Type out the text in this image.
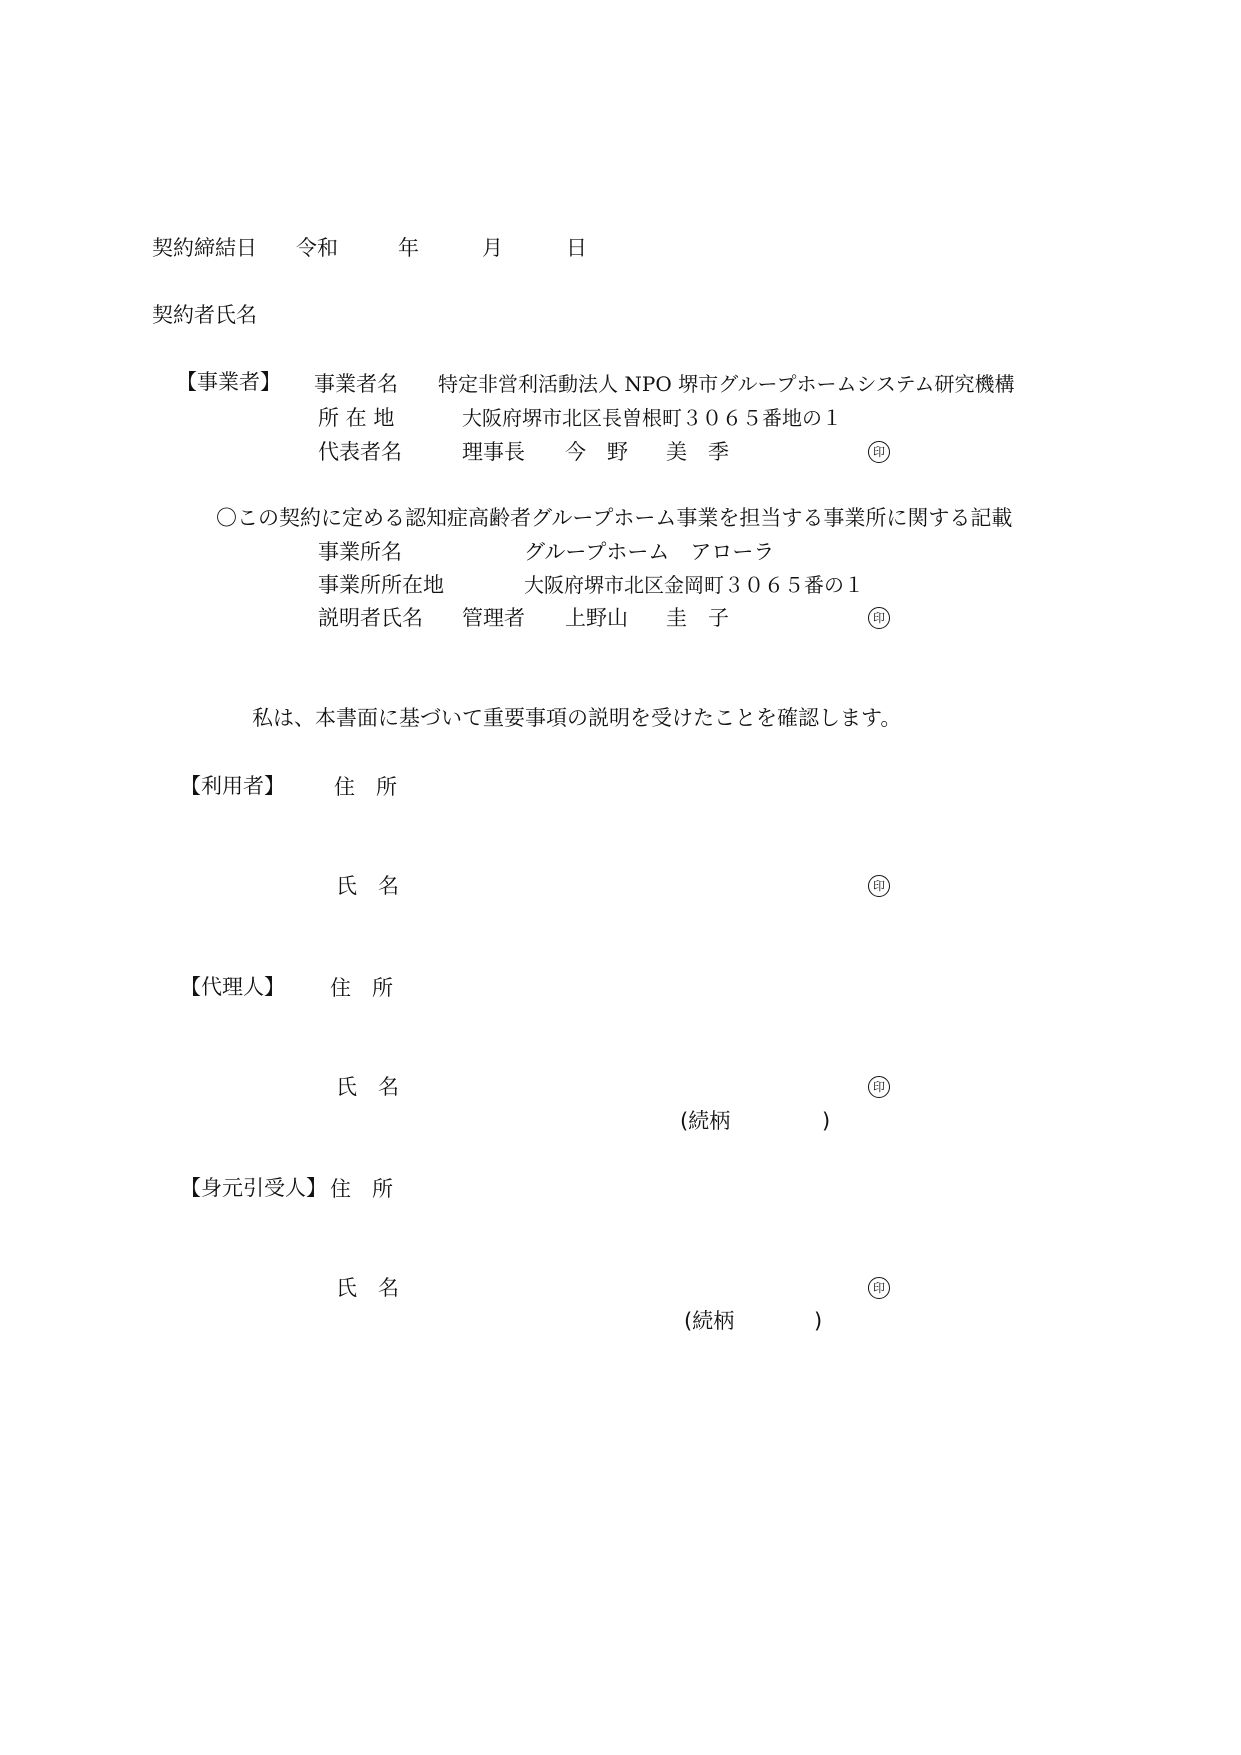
契約締結日 令和	年	月	日
契約者氏名
【事業者】 事業者名 特定非営利活動法人 NPO 堺市グループホームシステム研究機構
所 在 地	大阪府堺市北区長曽根町３０６５番地の１
代表者名	理事長 今　野 美　季	印
〇この契約に定める認知症高齢者グループホーム事業を担当する事業所に関する記載
事業所名	グループホーム　アローラ
事業所所在地	大阪府堺市北区金岡町３０６５番の１
説明者氏名 管理者 上野山 圭　子	印
私は、本書面に基づいて重要事項の説明を受けたことを確認します。
【利用者】 住　所
氏　名	印
【代理人】 住　所
氏　名	印
(続柄	)
【身元引受人】 住　所
氏　名	印
(続柄	)
